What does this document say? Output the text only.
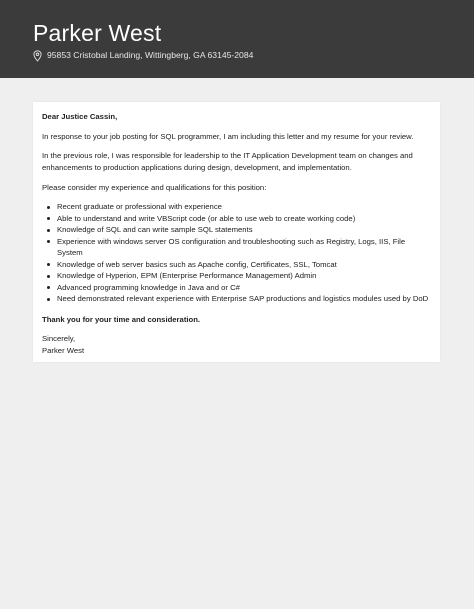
Parker West
95853 Cristobal Landing, Wittingberg, GA 63145-2084

Dear Justice Cassin,

In response to your job posting for SQL programmer, I am including this letter and my resume for your review.

In the previous role, I was responsible for leadership to the IT Application Development team on changes and enhancements to production applications during design, development, and implementation.

Please consider my experience and qualifications for this position:

Recent graduate or professional with experience
Able to understand and write VBScript code (or able to use web to create working code)
Knowledge of SQL and can write sample SQL statements
Experience with windows server OS configuration and troubleshooting such as Registry, Logs, IIS, File System
Knowledge of web server basics such as Apache config, Certificates, SSL, Tomcat
Knowledge of Hyperion, EPM (Enterprise Performance Management) Admin
Advanced programming knowledge in Java and or C#
Need demonstrated relevant experience with Enterprise SAP productions and logistics modules used by DoD

Thank you for your time and consideration.

Sincerely,

Parker West
